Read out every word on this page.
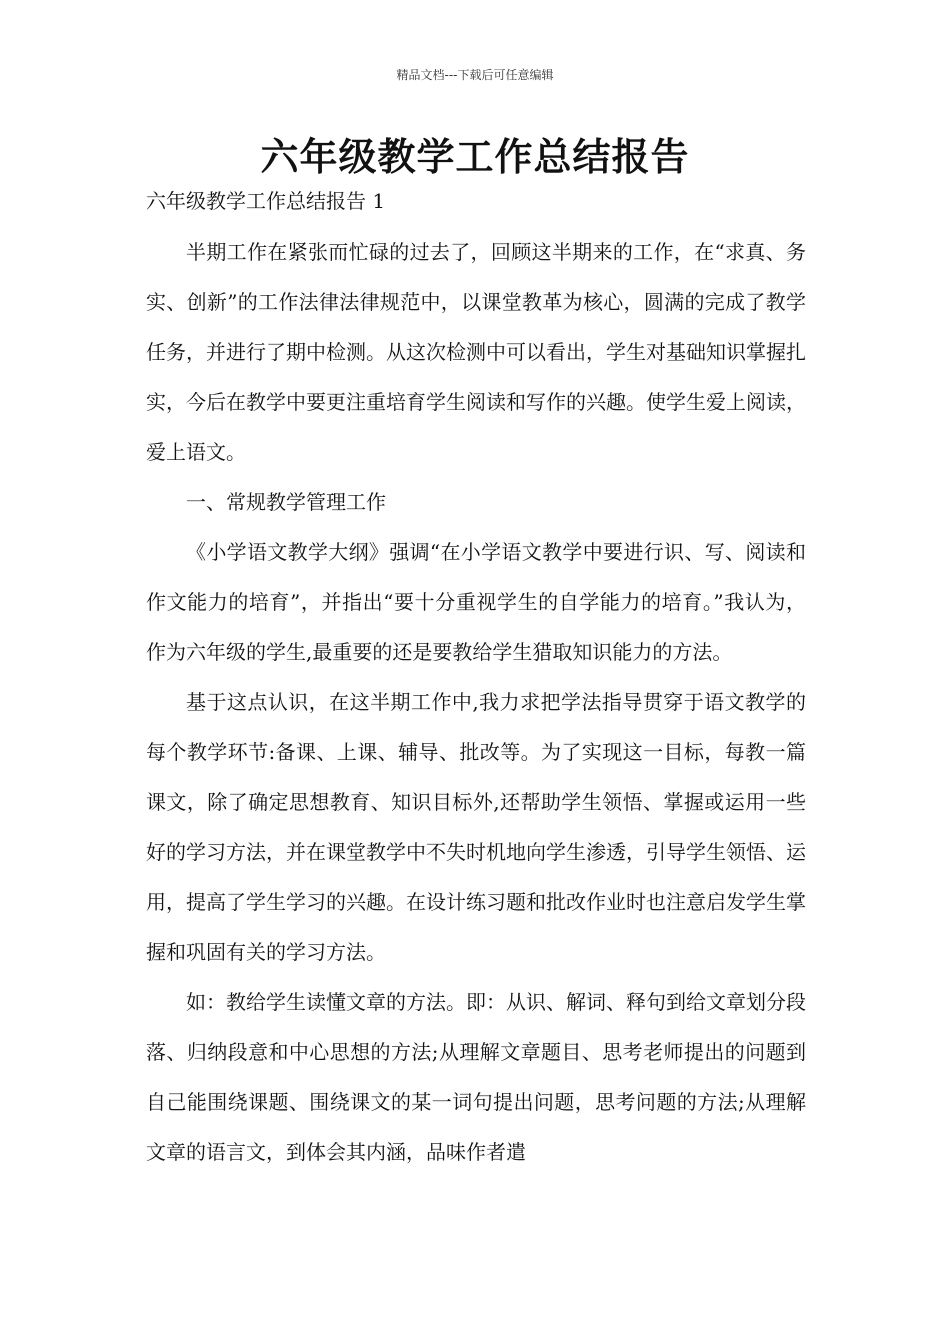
精品文档---下载后可任意编辑
六年级教学工作总结报告
六年级教学工作总结报告 1

半期工作在紧张而忙碌的过去了，回顾这半期来的工作，在“求真、务实、创新”的工作法律法律规范中，以课堂教革为核心，圆满的完成了教学任务，并进行了期中检测。从这次检测中可以看出，学生对基础知识掌握扎实，今后在教学中要更注重培育学生阅读和写作的兴趣。使学生爱上阅读，爱上语文。

一、常规教学管理工作

《小学语文教学大纲》强调“在小学语文教学中要进行识、写、阅读和作文能力的培育”，并指出“要十分重视学生的自学能力的培育。”我认为，作为六年级的学生,最重要的还是要教给学生猎取知识能力的方法。

基于这点认识，在这半期工作中,我力求把学法指导贯穿于语文教学的每个教学环节:备课、上课、辅导、批改等。为了实现这一目标，每教一篇课文，除了确定思想教育、知识目标外,还帮助学生领悟、掌握或运用一些好的学习方法，并在课堂教学中不失时机地向学生渗透，引导学生领悟、运用，提高了学生学习的兴趣。在设计练习题和批改作业时也注意启发学生掌握和巩固有关的学习方法。

如：教给学生读懂文章的方法。即：从识、解词、释句到给文章划分段落、归纳段意和中心思想的方法;从理解文章题目、思考老师提出的问题到自己能围绕课题、围绕课文的某一词句提出问题，思考问题的方法;从理解文章的语言文，到体会其内涵，品味作者遣
